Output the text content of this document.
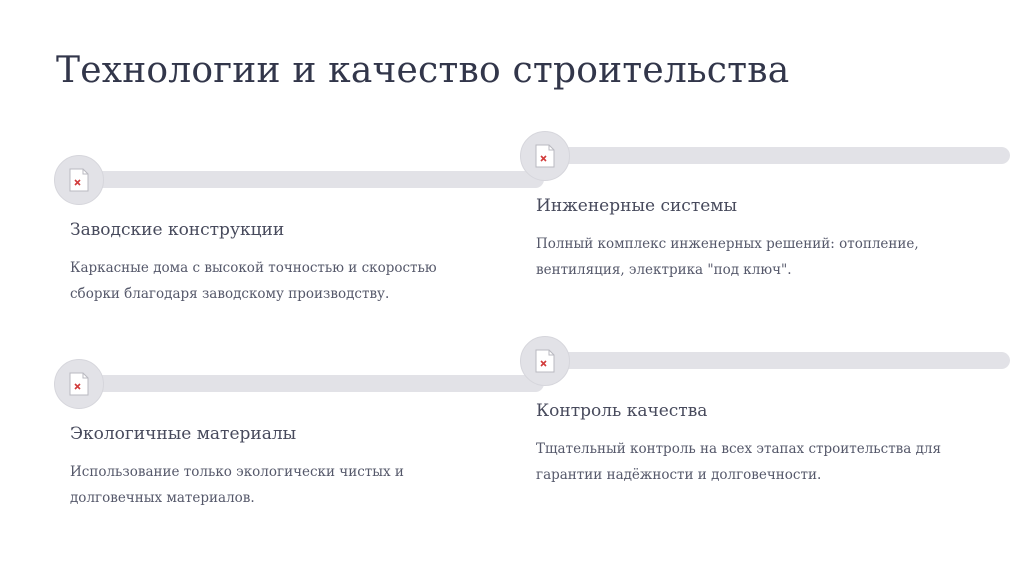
Технологии и качество строительства
Заводские конструкции
Каркасные дома с высокой точностью и скоростью
сборки благодаря заводскому производству.
Инженерные системы
Полный комплекс инженерных решений: отопление,
вентиляция, электрика "под ключ".
Экологичные материалы
Использование только экологически чистых и
долговечных материалов.
Контроль качества
Тщательный контроль на всех этапах строительства для
гарантии надёжности и долговечности.
